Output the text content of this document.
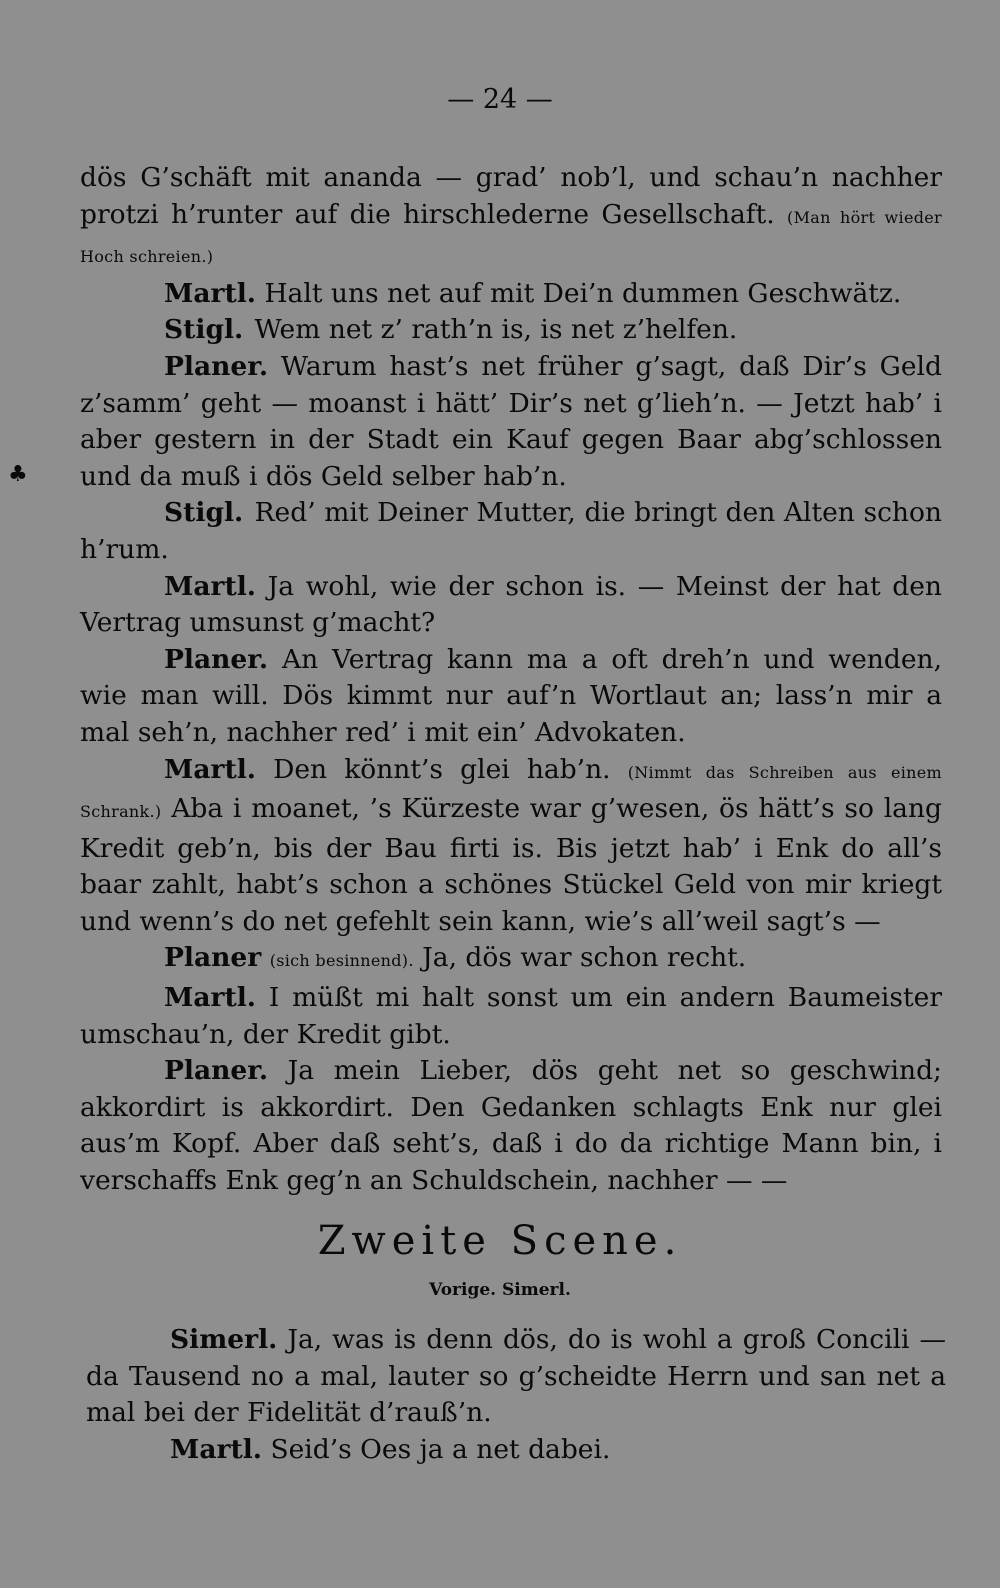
— 24 —
♣

dös G’schäft mit ananda — grad’ nob’l, und schau’n nachher protzi h’runter auf die hirschlederne Gesellschaft. (Man hört wieder Hoch schreien.)

Martl. Halt uns net auf mit Dei’n dummen Geschwätz.

Stigl. Wem net z’ rath’n is, is net z’helfen.

Planer. Warum hast’s net früher g’sagt, daß Dir’s Geld z’samm’ geht — moanst i hätt’ Dir’s net g’lieh’n. — Jetzt hab’ i aber gestern in der Stadt ein Kauf gegen Baar abg’schlossen und da muß i dös Geld selber hab’n.

Stigl. Red’ mit Deiner Mutter, die bringt den Alten schon h’rum.

Martl. Ja wohl, wie der schon is. — Meinst der hat den Vertrag umsunst g’macht?

Planer. An Vertrag kann ma a oft dreh’n und wenden, wie man will. Dös kimmt nur auf’n Wortlaut an; lass’n mir a mal seh’n, nachher red’ i mit ein’ Advokaten.

Martl. Den könnt’s glei hab’n. (Nimmt das Schreiben aus einem Schrank.) Aba i moanet, ’s Kürzeste war g’wesen, ös hätt’s so lang Kredit geb’n, bis der Bau firti is. Bis jetzt hab’ i Enk do all’s baar zahlt, habt’s schon a schönes Stückel Geld von mir kriegt und wenn’s do net gefehlt sein kann, wie’s all’weil sagt’s —

Planer (sich besinnend). Ja, dös war schon recht.

Martl. I müßt mi halt sonst um ein andern Baumeister umschau’n, der Kredit gibt.

Planer. Ja mein Lieber, dös geht net so geschwind; akkordirt is akkordirt. Den Gedanken schlagts Enk nur glei aus’m Kopf. Aber daß seht’s, daß i do da richtige Mann bin, i verschaffs Enk geg’n an Schuldschein, nachher — —

Zweite Scene.
Vorige. Simerl.

Simerl. Ja, was is denn dös, do is wohl a groß Concili — da Tausend no a mal, lauter so g’scheidte Herrn und san net a mal bei der Fidelität d’rauß’n.

Martl. Seid’s Oes ja a net dabei.
